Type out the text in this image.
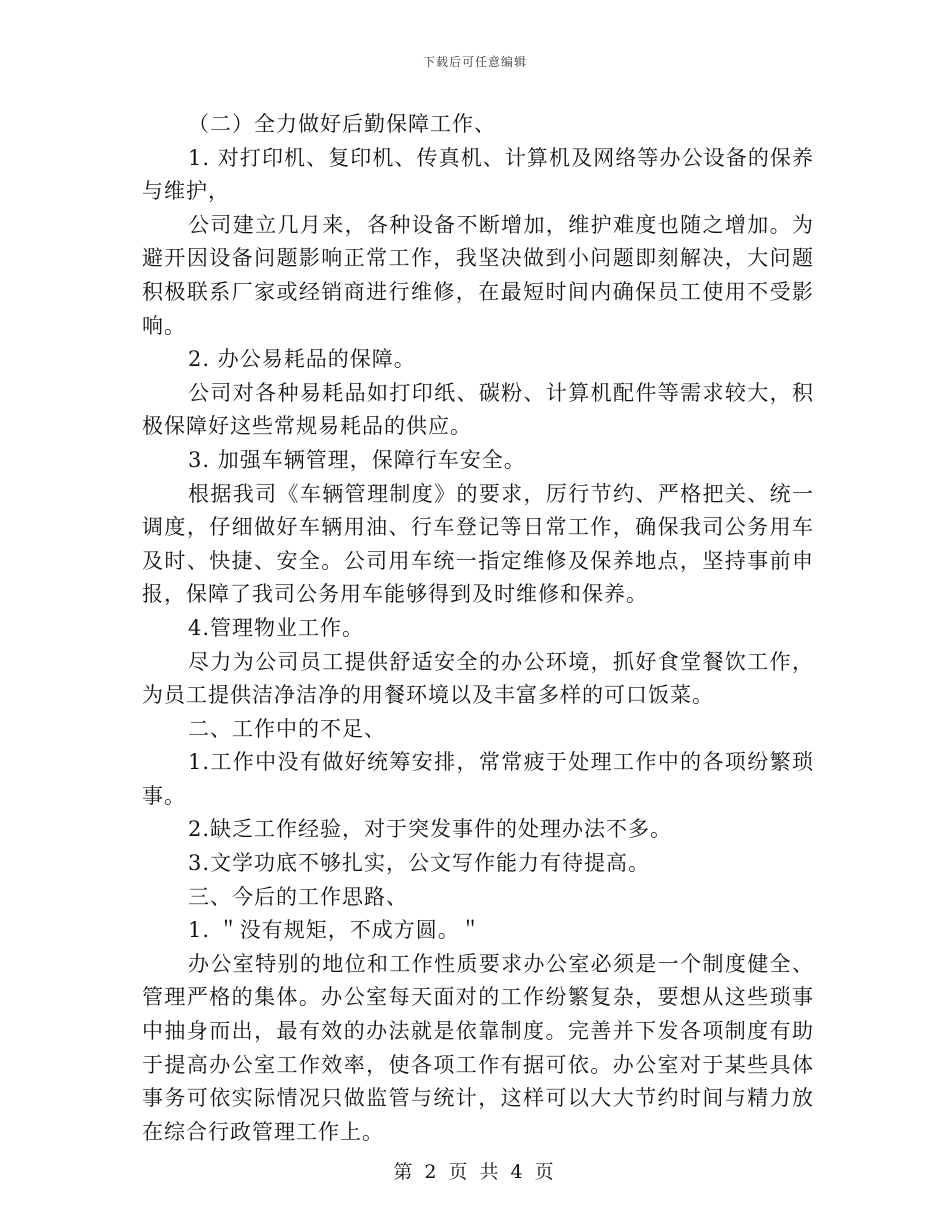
下载后可任意编辑

（二）全力做好后勤保障工作、

1. 对打印机、复印机、传真机、计算机及网络等办公设备的保养与维护，

公司建立几月来，各种设备不断增加，维护难度也随之增加。为避开因设备问题影响正常工作，我坚决做到小问题即刻解决，大问题积极联系厂家或经销商进行维修，在最短时间内确保员工使用不受影响。

2. 办公易耗品的保障。

公司对各种易耗品如打印纸、碳粉、计算机配件等需求较大，积极保障好这些常规易耗品的供应。

3. 加强车辆管理，保障行车安全。

根据我司《车辆管理制度》的要求，厉行节约、严格把关、统一调度，仔细做好车辆用油、行车登记等日常工作，确保我司公务用车及时、快捷、安全。公司用车统一指定维修及保养地点，坚持事前申报，保障了我司公务用车能够得到及时维修和保养。

4.管理物业工作。

尽力为公司员工提供舒适安全的办公环境，抓好食堂餐饮工作，为员工提供洁净洁净的用餐环境以及丰富多样的可口饭菜。

二、工作中的不足、

1.工作中没有做好统筹安排，常常疲于处理工作中的各项纷繁琐事。

2.缺乏工作经验，对于突发事件的处理办法不多。

3.文学功底不够扎实，公文写作能力有待提高。

三、今后的工作思路、

1. ＂没有规矩，不成方圆。＂

办公室特别的地位和工作性质要求办公室必须是一个制度健全、管理严格的集体。办公室每天面对的工作纷繁复杂，要想从这些琐事中抽身而出，最有效的办法就是依靠制度。完善并下发各项制度有助于提高办公室工作效率，使各项工作有据可依。办公室对于某些具体事务可依实际情况只做监管与统计，这样可以大大节约时间与精力放在综合行政管理工作上。

第 2 页 共 4 页
